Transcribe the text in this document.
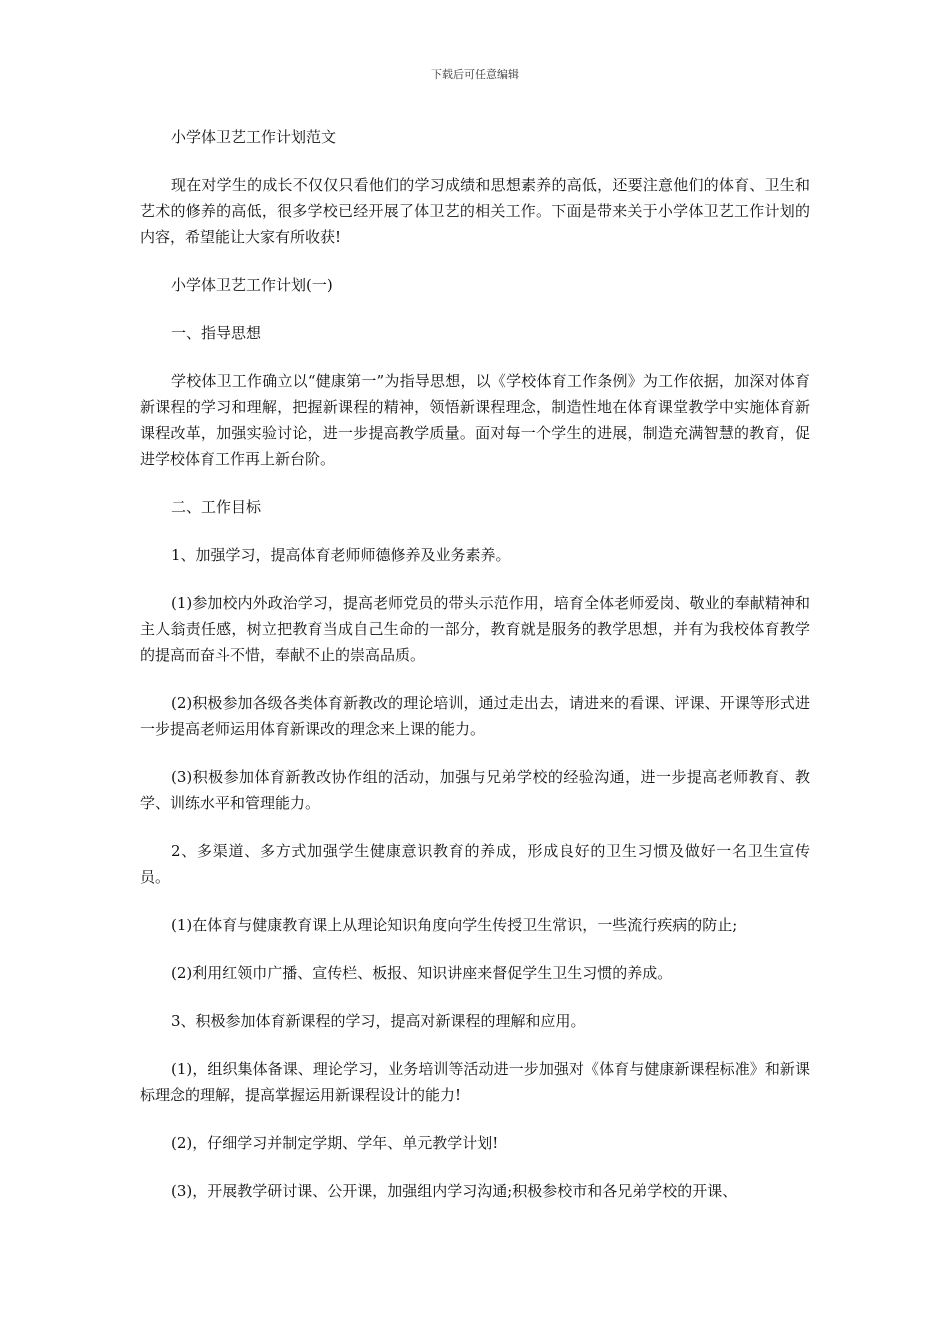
下载后可任意编辑

小学体卫艺工作计划范文

现在对学生的成长不仅仅只看他们的学习成绩和思想素养的高低，还要注意他们的体育、卫生和艺术的修养的高低，很多学校已经开展了体卫艺的相关工作。下面是带来关于小学体卫艺工作计划的内容，希望能让大家有所收获!

小学体卫艺工作计划(一)

一、指导思想

学校体卫工作确立以“健康第一”为指导思想，以《学校体育工作条例》为工作依据，加深对体育新课程的学习和理解，把握新课程的精神，领悟新课程理念，制造性地在体育课堂教学中实施体育新课程改革，加强实验讨论，进一步提高教学质量。面对每一个学生的进展，制造充满智慧的教育，促进学校体育工作再上新台阶。

二、工作目标

1、加强学习，提高体育老师师德修养及业务素养。

(1)参加校内外政治学习，提高老师党员的带头示范作用，培育全体老师爱岗、敬业的奉献精神和主人翁责任感，树立把教育当成自己生命的一部分，教育就是服务的教学思想，并有为我校体育教学的提高而奋斗不惜，奉献不止的崇高品质。

(2)积极参加各级各类体育新教改的理论培训，通过走出去，请进来的看课、评课、开课等形式进一步提高老师运用体育新课改的理念来上课的能力。

(3)积极参加体育新教改协作组的活动，加强与兄弟学校的经验沟通，进一步提高老师教育、教学、训练水平和管理能力。

2、多渠道、多方式加强学生健康意识教育的养成，形成良好的卫生习惯及做好一名卫生宣传员。

(1)在体育与健康教育课上从理论知识角度向学生传授卫生常识，一些流行疾病的防止;

(2)利用红领巾广播、宣传栏、板报、知识讲座来督促学生卫生习惯的养成。

3、积极参加体育新课程的学习，提高对新课程的理解和应用。

(1)，组织集体备课、理论学习，业务培训等活动进一步加强对《体育与健康新课程标准》和新课标理念的理解，提高掌握运用新课程设计的能力!

(2)，仔细学习并制定学期、学年、单元教学计划!

(3)，开展教学研讨课、公开课，加强组内学习沟通;积极参校市和各兄弟学校的开课、
